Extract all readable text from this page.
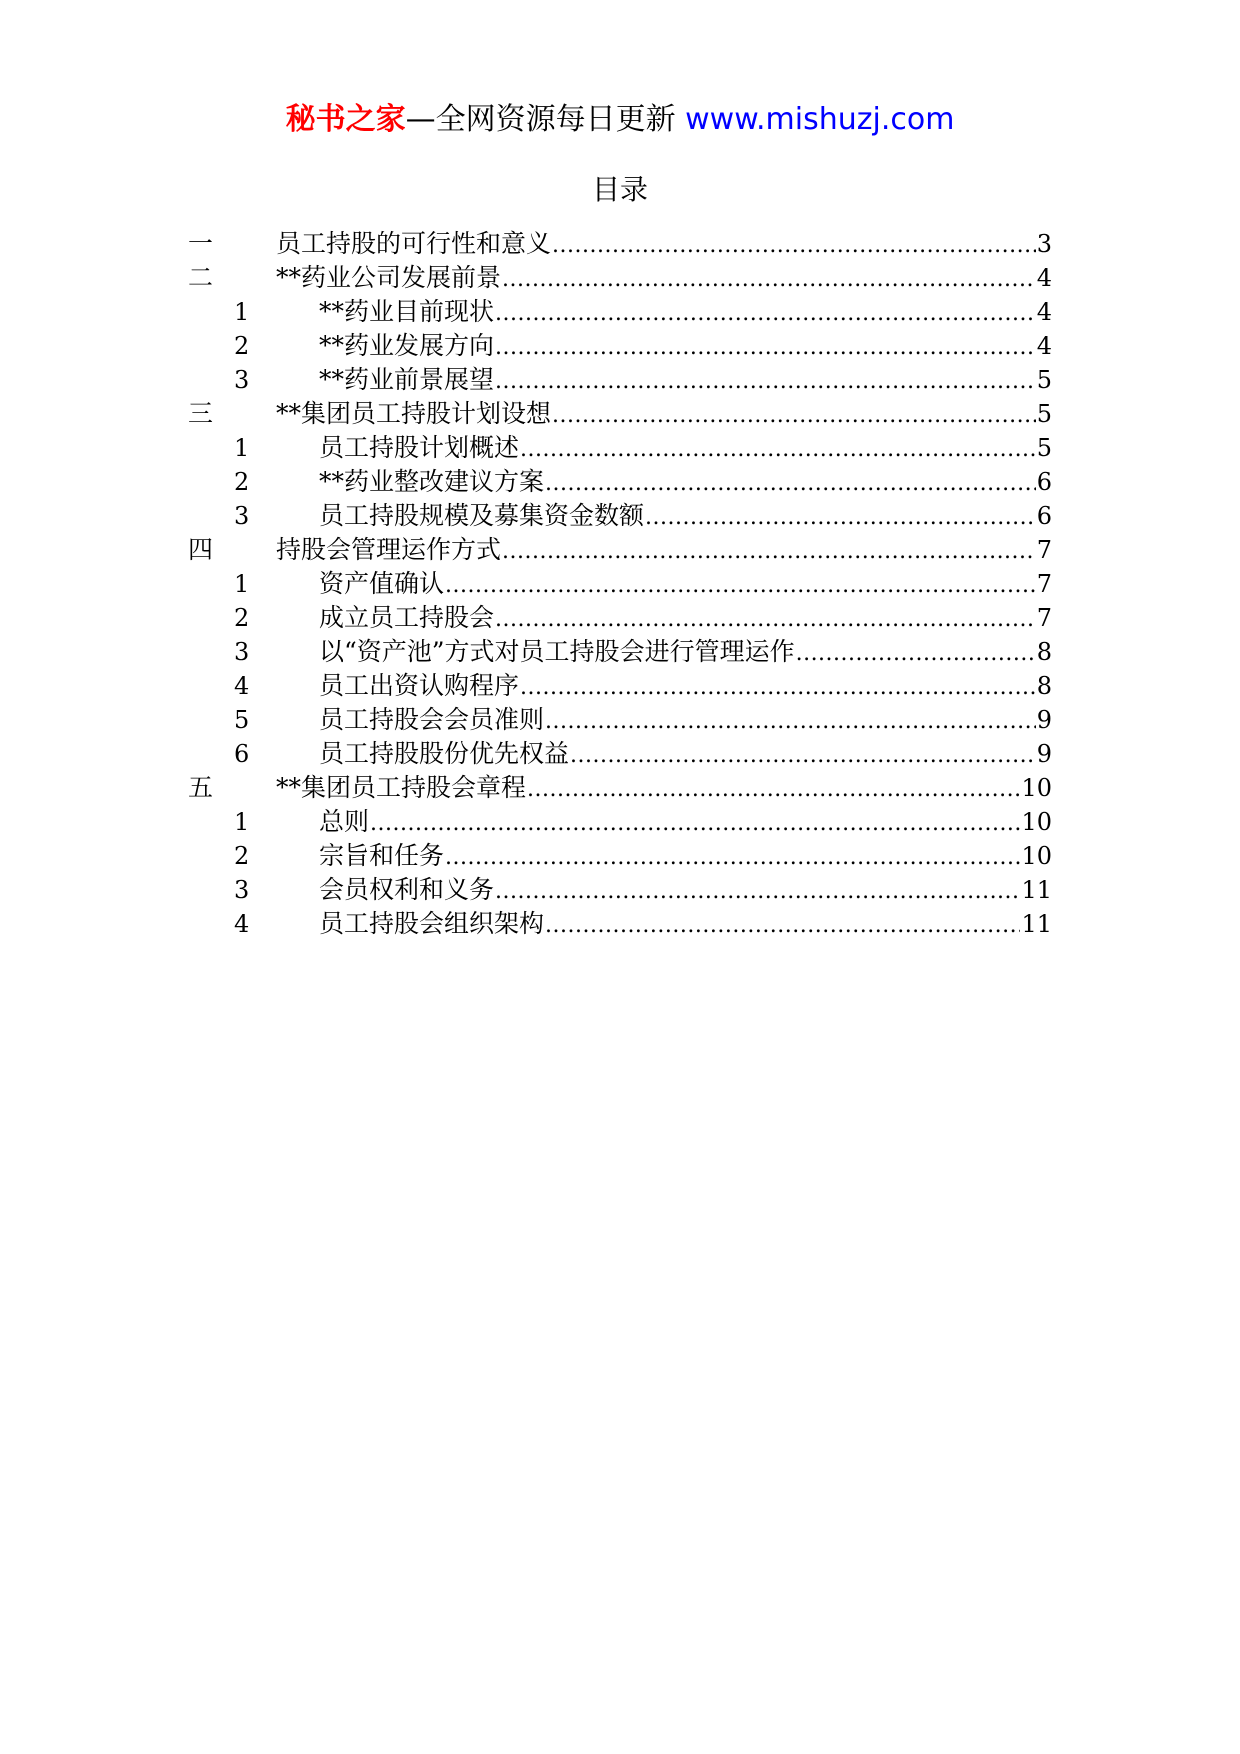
秘书之家—全网资源每日更新 www.mishuzj.com
目录
一	员工持股的可行性和意义 .....	3
二	**药业公司发展前景 .....	4
1	**药业目前现状 .....	4
2	**药业发展方向 .....	4
3	**药业前景展望 .....	5
三	**集团员工持股计划设想 .....	5
1	员工持股计划概述 .....	5
2	**药业整改建议方案 .....	6
3	员工持股规模及募集资金数额 .....	6
四	持股会管理运作方式 .....	7
1	资产值确认 .....	7
2	成立员工持股会 .....	7
3	以“资产池”方式对员工持股会进行管理运作 .....	8
4	员工出资认购程序 .....	8
5	员工持股会会员准则 .....	9
6	员工持股股份优先权益 .....	9
五	**集团员工持股会章程 .....	10
1	总则 .....	10
2	宗旨和任务 .....	10
3	会员权利和义务 .....	11
4	员工持股会组织架构 .....	11
